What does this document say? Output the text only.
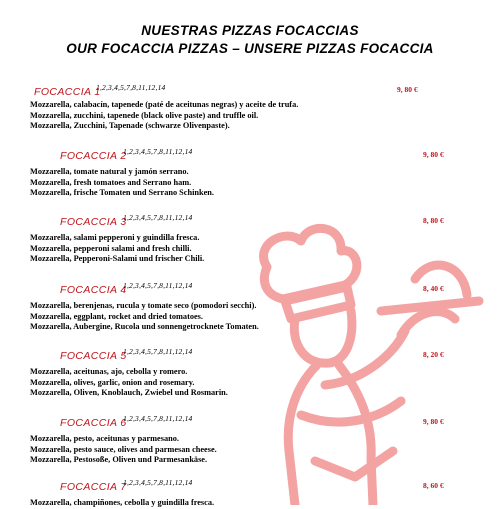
NUESTRAS PIZZAS FOCACCIAS
OUR FOCACCIA PIZZAS – UNSERE PIZZAS FOCACCIA
FOCACCIA 1
1,2,3,4,5,7,8,11,12,14	9, 80 €
Mozzarella, calabacín, tapenede (paté de aceitunas negras) y aceite de trufa.
Mozzarella, zucchini, tapenede (black olive paste) and truffle oil.
Mozzarella, Zucchini, Tapenade (schwarze Olivenpaste).
FOCACCIA 2
1,2,3,4,5,7,8,11,12,14	9, 80 €
Mozzarella, tomate natural y jamón serrano.
Mozzarella, fresh tomatoes and Serrano ham.
Mozzarella, frische Tomaten und Serrano Schinken.
FOCACCIA 3
1,2,3,4,5,7,8,11,12,14	8, 80 €
Mozzarella, salami pepperoni y guindilla fresca.
Mozzarella, pepperoni salami and fresh chilli.
Mozzarella, Pepperoni-Salami und frischer Chili.
FOCACCIA 4
1,2,3,4,5,7,8,11,12,14	8, 40 €
Mozzarella, berenjenas, rucula y tomate seco (pomodori secchi).
Mozzarella, eggplant, rocket and dried tomatoes.
Mozzarella, Aubergine, Rucola und sonnengetrocknete Tomaten.
FOCACCIA 5
1,2,3,4,5,7,8,11,12,14	8, 20 €
Mozzarella, aceitunas, ajo, cebolla y romero.
Mozzarella, olives, garlic, onion and rosemary.
Mozzarella, Oliven, Knoblauch, Zwiebel und Rosmarin.
FOCACCIA 6
1,2,3,4,5,7,8,11,12,14	9, 80 €
Mozzarella, pesto, aceitunas y parmesano.
Mozzarella, pesto sauce, olives and parmesan cheese.
Mozzarella, Pestosoße, Oliven und Parmesankäse.
FOCACCIA 7
1,2,3,4,5,7,8,11,12,14	8, 60 €
Mozzarella, champiñones, cebolla y guindilla fresca.
